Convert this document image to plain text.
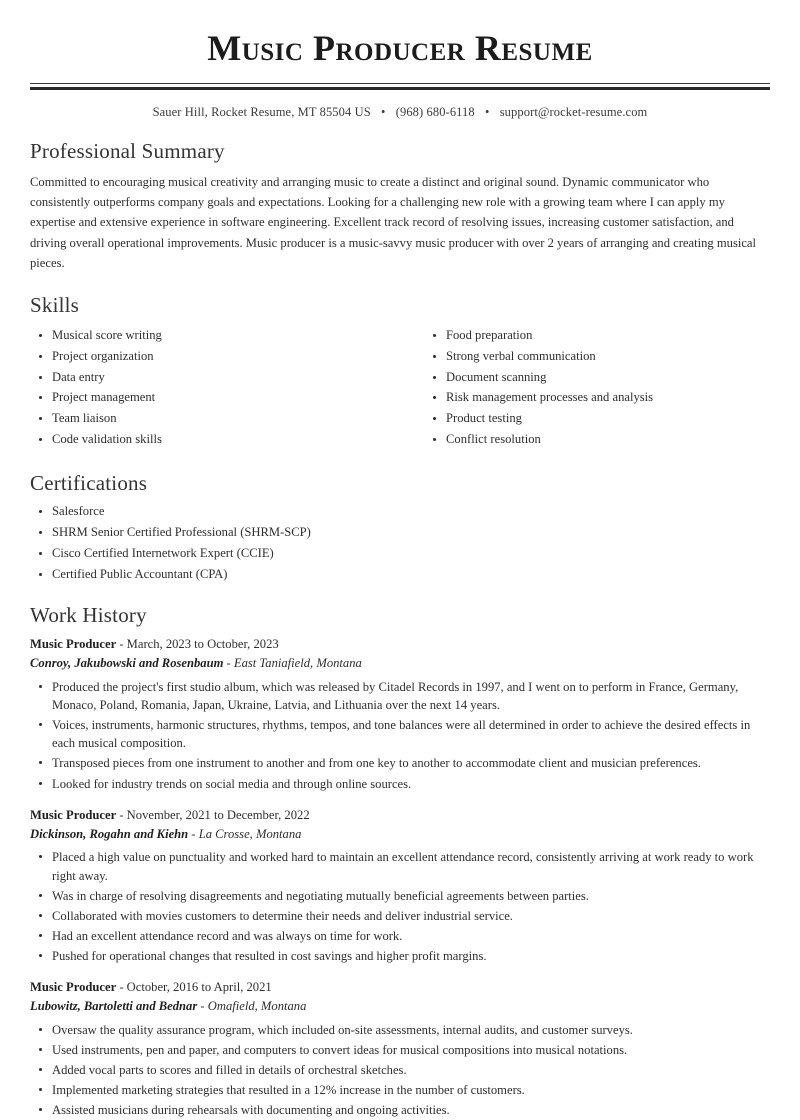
Music Producer Resume
Sauer Hill, Rocket Resume, MT 85504 US • (968) 680-6118 • support@rocket-resume.com
Professional Summary

Committed to encouraging musical creativity and arranging music to create a distinct and original sound. Dynamic communicator who consistently outperforms company goals and expectations. Looking for a challenging new role with a growing team where I can apply my expertise and extensive experience in software engineering. Excellent track record of resolving issues, increasing customer satisfaction, and driving overall operational improvements. Music producer is a music-savvy music producer with over 2 years of arranging and creating musical pieces.

Skills
Musical score writing
Project organization
Data entry
Project management
Team liaison
Code validation skills
Food preparation
Strong verbal communication
Document scanning
Risk management processes and analysis
Product testing
Conflict resolution
Certifications
Salesforce
SHRM Senior Certified Professional (SHRM-SCP)
Cisco Certified Internetwork Expert (CCIE)
Certified Public Accountant (CPA)
Work History
Music Producer - March, 2023 to October, 2023
Conroy, Jakubowski and Rosenbaum - East Taniafield, Montana
Produced the project's first studio album, which was released by Citadel Records in 1997, and I went on to perform in France, Germany, Monaco, Poland, Romania, Japan, Ukraine, Latvia, and Lithuania over the next 14 years.
Voices, instruments, harmonic structures, rhythms, tempos, and tone balances were all determined in order to achieve the desired effects in each musical composition.
Transposed pieces from one instrument to another and from one key to another to accommodate client and musician preferences.
Looked for industry trends on social media and through online sources.
Music Producer - November, 2021 to December, 2022
Dickinson, Rogahn and Kiehn - La Crosse, Montana
Placed a high value on punctuality and worked hard to maintain an excellent attendance record, consistently arriving at work ready to work right away.
Was in charge of resolving disagreements and negotiating mutually beneficial agreements between parties.
Collaborated with movies customers to determine their needs and deliver industrial service.
Had an excellent attendance record and was always on time for work.
Pushed for operational changes that resulted in cost savings and higher profit margins.
Music Producer - October, 2016 to April, 2021
Lubowitz, Bartoletti and Bednar - Omafield, Montana
Oversaw the quality assurance program, which included on-site assessments, internal audits, and customer surveys.
Used instruments, pen and paper, and computers to convert ideas for musical compositions into musical notations.
Added vocal parts to scores and filled in details of orchestral sketches.
Implemented marketing strategies that resulted in a 12% increase in the number of customers.
Assisted musicians during rehearsals with documenting and ongoing activities.
